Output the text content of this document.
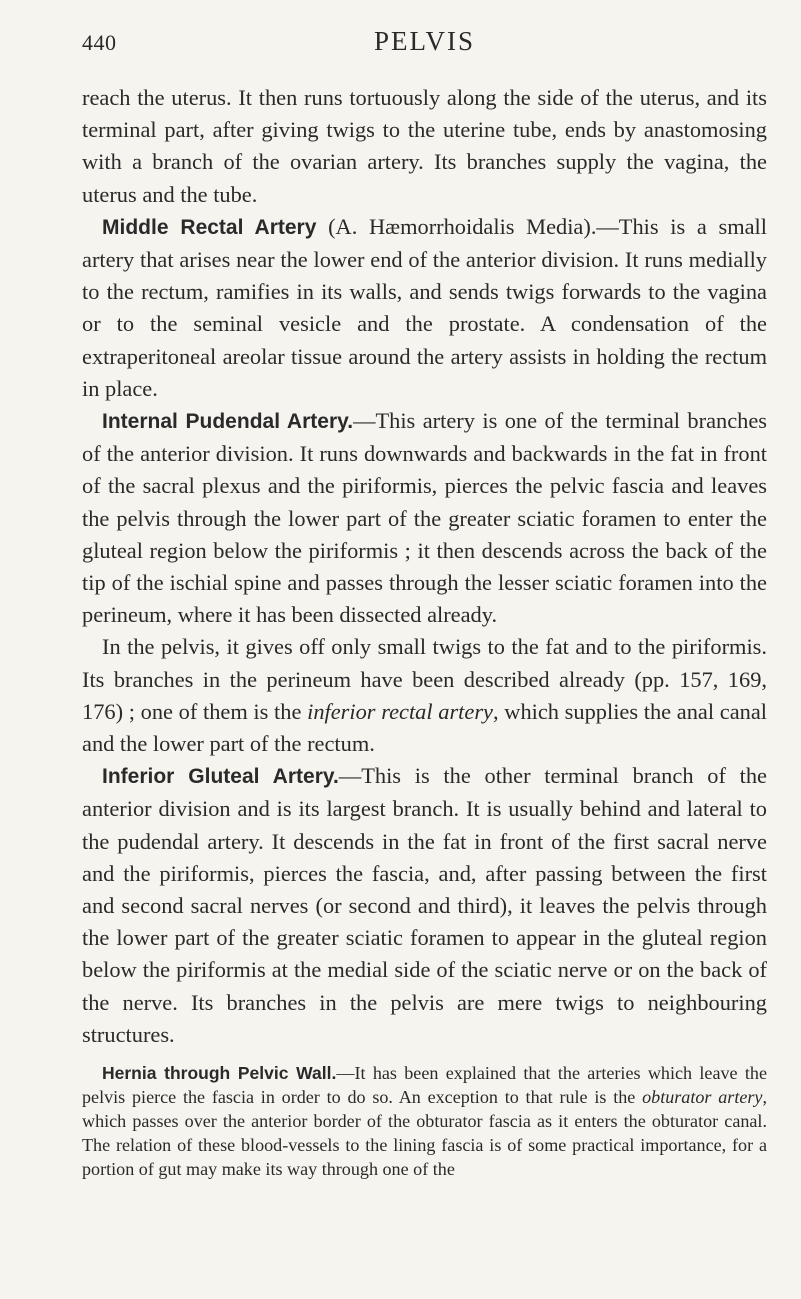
440	PELVIS

reach the uterus. It then runs tortuously along the side of the uterus, and its terminal part, after giving twigs to the uterine tube, ends by anastomosing with a branch of the ovarian artery. Its branches supply the vagina, the uterus and the tube.

Middle Rectal Artery (A. Hæmorrhoidalis Media).—This is a small artery that arises near the lower end of the anterior division. It runs medially to the rectum, ramifies in its walls, and sends twigs forwards to the vagina or to the seminal vesicle and the prostate. A condensation of the extraperitoneal areolar tissue around the artery assists in holding the rectum in place.

Internal Pudendal Artery.—This artery is one of the terminal branches of the anterior division. It runs downwards and backwards in the fat in front of the sacral plexus and the piriformis, pierces the pelvic fascia and leaves the pelvis through the lower part of the greater sciatic foramen to enter the gluteal region below the piriformis ; it then descends across the back of the tip of the ischial spine and passes through the lesser sciatic foramen into the perineum, where it has been dissected already.

In the pelvis, it gives off only small twigs to the fat and to the piriformis. Its branches in the perineum have been described already (pp. 157, 169, 176) ; one of them is the inferior rectal artery, which supplies the anal canal and the lower part of the rectum.

Inferior Gluteal Artery.—This is the other terminal branch of the anterior division and is its largest branch. It is usually behind and lateral to the pudendal artery. It descends in the fat in front of the first sacral nerve and the piriformis, pierces the fascia, and, after passing between the first and second sacral nerves (or second and third), it leaves the pelvis through the lower part of the greater sciatic foramen to appear in the gluteal region below the piriformis at the medial side of the sciatic nerve or on the back of the nerve. Its branches in the pelvis are mere twigs to neighbouring structures.

Hernia through Pelvic Wall.—It has been explained that the arteries which leave the pelvis pierce the fascia in order to do so. An exception to that rule is the obturator artery, which passes over the anterior border of the obturator fascia as it enters the obturator canal. The relation of these blood-vessels to the lining fascia is of some practical importance, for a portion of gut may make its way through one of the
